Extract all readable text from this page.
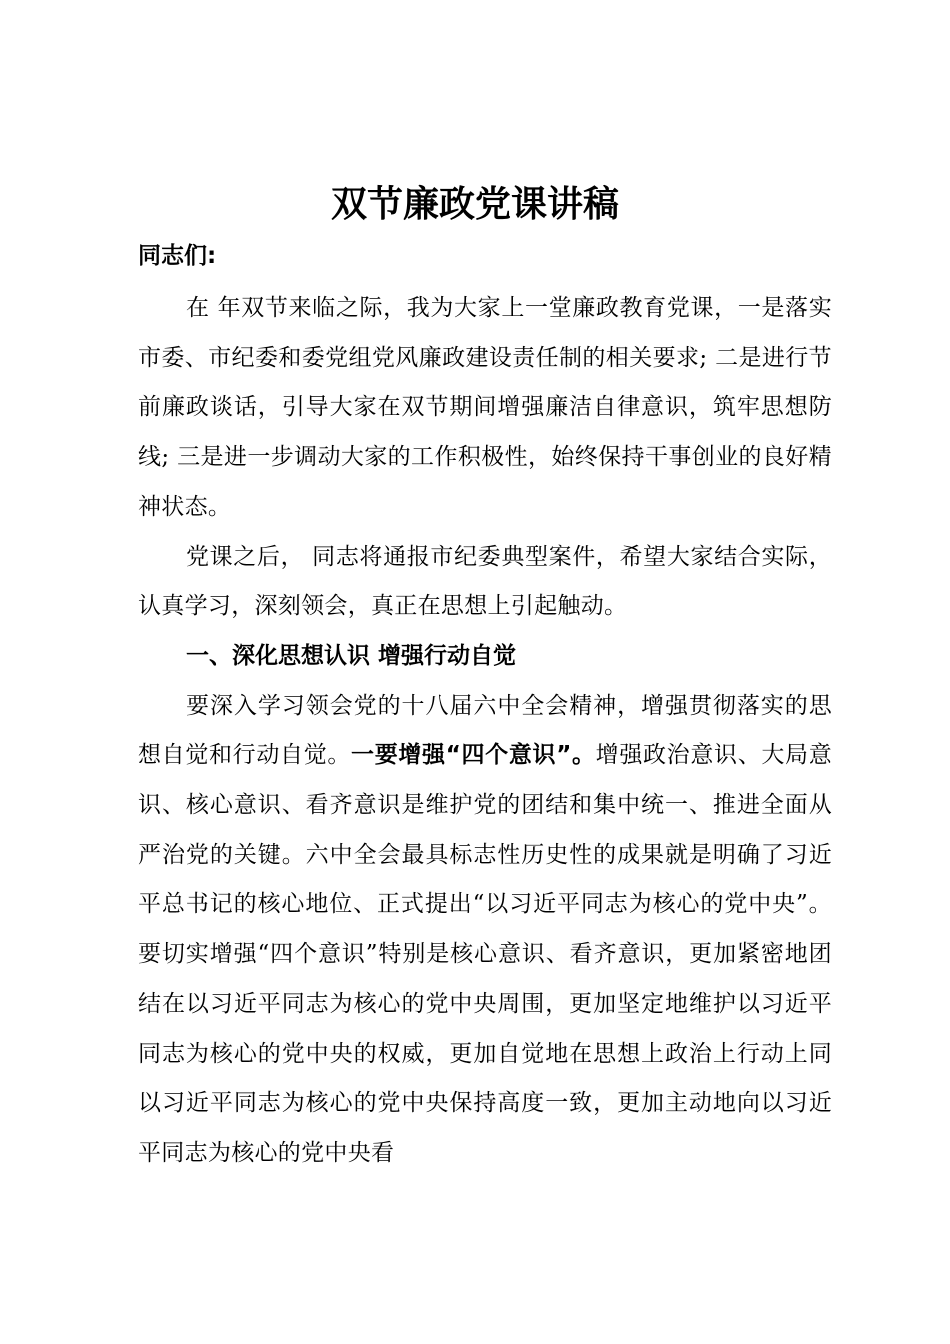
双节廉政党课讲稿

同志们:

在 年双节来临之际，我为大家上一堂廉政教育党课，一是落实市委、市纪委和委党组党风廉政建设责任制的相关要求; 二是进行节前廉政谈话，引导大家在双节期间增强廉洁自律意识，筑牢思想防线; 三是进一步调动大家的工作积极性，始终保持干事创业的良好精神状态。

党课之后， 同志将通报市纪委典型案件，希望大家结合实际，认真学习，深刻领会，真正在思想上引起触动。

一、深化思想认识 增强行动自觉

要深入学习领会党的十八届六中全会精神，增强贯彻落实的思想自觉和行动自觉。一要增强“四个意识”。增强政治意识、大局意识、核心意识、看齐意识是维护党的团结和集中统一、推进全面从严治党的关键。六中全会最具标志性历史性的成果就是明确了习近平总书记的核心地位、正式提出“以习近平同志为核心的党中央”。要切实增强“四个意识”特别是核心意识、看齐意识，更加紧密地团结在以习近平同志为核心的党中央周围，更加坚定地维护以习近平同志为核心的党中央的权威，更加自觉地在思想上政治上行动上同以习近平同志为核心的党中央保持高度一致，更加主动地向以习近平同志为核心的党中央看
